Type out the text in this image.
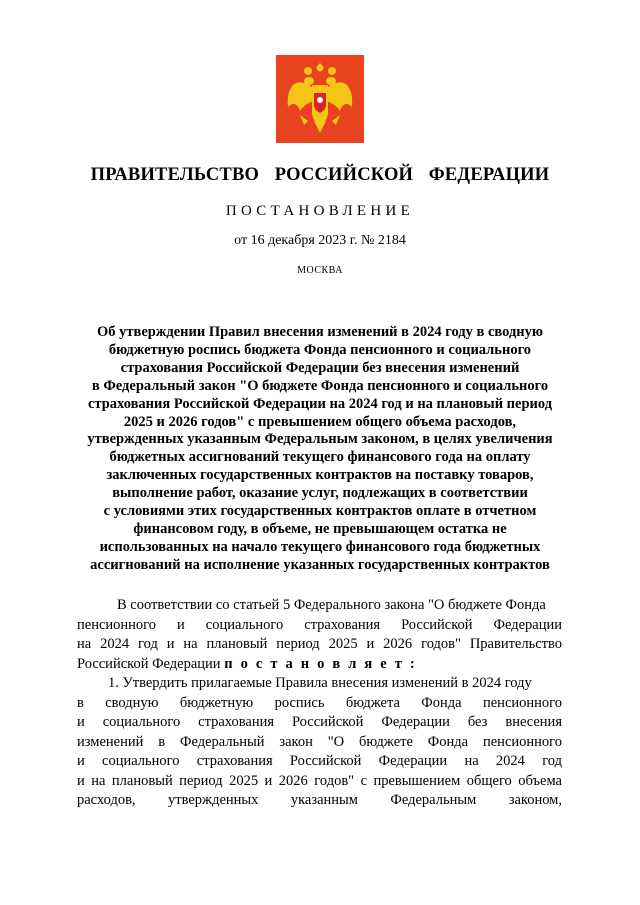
ПРАВИТЕЛЬСТВО  РОССИЙСКОЙ  ФЕДЕРАЦИИ
ПОСТАНОВЛЕНИЕ
от 16 декабря 2023 г. № 2184
МОСКВА
Об утверждении Правил внесения изменений в 2024 году в сводную
бюджетную роспись бюджета Фонда пенсионного и социального
страхования Российской Федерации без внесения изменений
в Федеральный закон "О бюджете Фонда пенсионного и социального
страхования Российской Федерации на 2024 год и на плановый период
2025 и 2026 годов" с превышением общего объема расходов,
утвержденных указанным Федеральным законом, в целях увеличения
бюджетных ассигнований текущего финансового года на оплату
заключенных государственных контрактов на поставку товаров,
выполнение работ, оказание услуг, подлежащих в соответствии
с условиями этих государственных контрактов оплате в отчетном
финансовом году, в объеме, не превышающем остатка не
использованных на начало текущего финансового года бюджетных
ассигнований на исполнение указанных государственных контрактов
В соответствии со статьей 5 Федерального закона "О бюджете Фонда
пенсионного и социального страхования Российской Федерации
на 2024 год и на плановый период 2025 и 2026 годов" Правительство
Российской Федерации п о с т а н о в л я е т :
1. Утвердить прилагаемые Правила внесения изменений в 2024 году
в сводную бюджетную роспись бюджета Фонда пенсионного
и социального страхования Российской Федерации без внесения
изменений в Федеральный закон "О бюджете Фонда пенсионного
и социального страхования Российской Федерации на 2024 год
и на плановый период 2025 и 2026 годов" с превышением общего объема
расходов, утвержденных указанным Федеральным законом,
